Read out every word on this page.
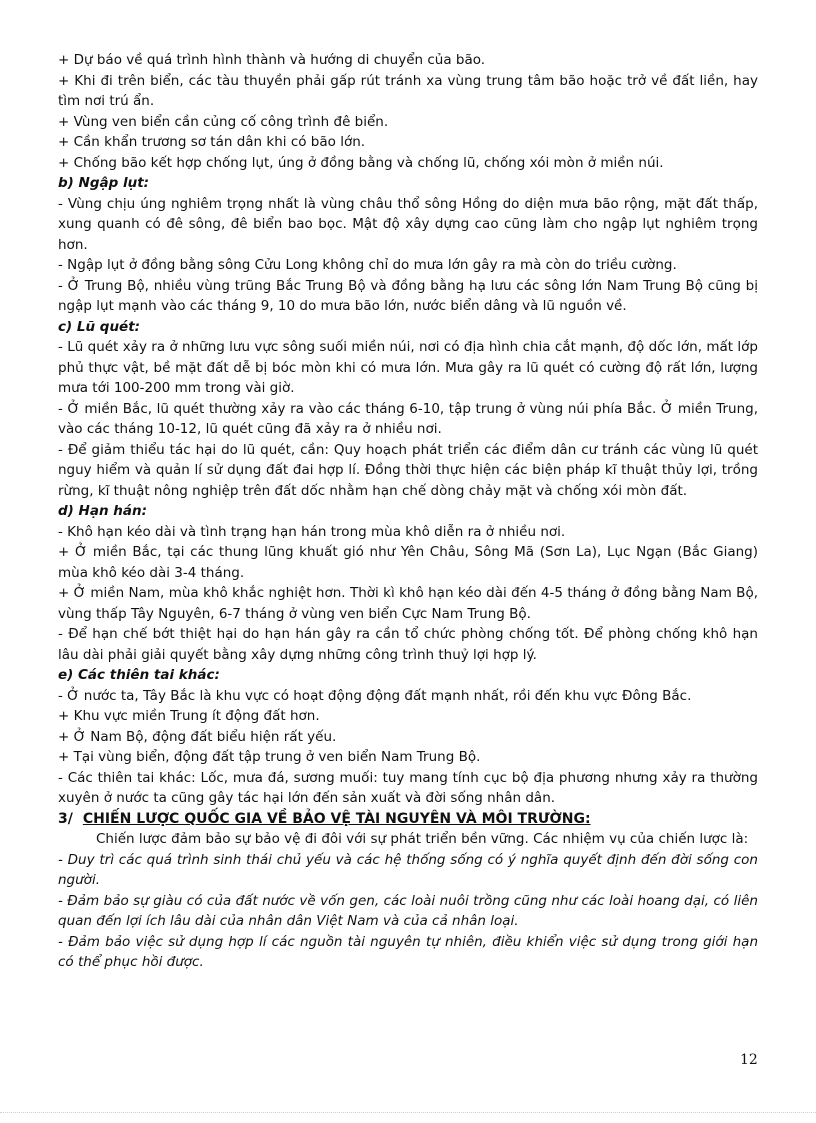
+ Dự báo về quá trình hình thành và hướng di chuyển của bão.

+ Khi đi trên biển, các tàu thuyền phải gấp rút tránh xa vùng trung tâm bão hoặc trở về đất liền, hay tìm nơi trú ẩn.

+ Vùng ven biển cần củng cố công trình đê biển.

+ Cần khẩn trương sơ tán dân khi có bão lớn.

+ Chống bão kết hợp chống lụt, úng ở đồng bằng và chống lũ, chống xói mòn ở miền núi.

b) Ngập lụt:

- Vùng chịu úng nghiêm trọng nhất là vùng châu thổ sông Hồng do diện mưa bão rộng, mặt đất thấp, xung quanh có đê sông, đê biển bao bọc. Mật độ xây dựng cao cũng làm cho ngập lụt nghiêm trọng hơn.

- Ngập lụt ở đồng bằng sông Cửu Long không chỉ do mưa lớn gây ra mà còn do triều cường.

- Ở Trung Bộ, nhiều vùng trũng Bắc Trung Bộ và đồng bằng hạ lưu các sông lớn Nam Trung Bộ cũng bị ngập lụt mạnh vào các tháng 9, 10 do mưa bão lớn, nước biển dâng và lũ nguồn về.

c) Lũ quét:

- Lũ quét xảy ra ở những lưu vực sông suối miền núi, nơi có địa hình chia cắt mạnh, độ dốc lớn, mất lớp phủ thực vật, bề mặt đất dễ bị bóc mòn khi có mưa lớn. Mưa gây ra lũ quét có cường độ rất lớn, lượng mưa tới 100-200 mm trong vài giờ.

- Ở miền Bắc, lũ quét thường xảy ra vào các tháng 6-10, tập trung ở vùng núi phía Bắc. Ở miền Trung, vào các tháng 10-12, lũ quét cũng đã xảy ra ở nhiều nơi.

- Để giảm thiểu tác hại do lũ quét, cần: Quy hoạch phát triển các điểm dân cư tránh các vùng lũ quét nguy hiểm và quản lí sử dụng đất đai hợp lí. Đồng thời thực hiện các biện pháp kĩ thuật thủy lợi, trồng rừng, kĩ thuật nông nghiệp trên đất dốc nhằm hạn chế dòng chảy mặt và chống xói mòn đất.

d) Hạn hán:

- Khô hạn kéo dài và tình trạng hạn hán trong mùa khô diễn ra ở nhiều nơi.

+ Ở miền Bắc, tại các thung lũng khuất gió như Yên Châu, Sông Mã (Sơn La), Lục Ngạn (Bắc Giang) mùa khô kéo dài 3-4 tháng.

+ Ở miền Nam, mùa khô khắc nghiệt hơn. Thời kì khô hạn kéo dài đến 4-5 tháng ở đồng bằng Nam Bộ, vùng thấp Tây Nguyên, 6-7 tháng ở vùng ven biển Cực Nam Trung Bộ.

- Để hạn chế bớt thiệt hại do hạn hán gây ra cần tổ chức phòng chống tốt. Để phòng chống khô hạn lâu dài phải giải quyết bằng xây dựng những công trình thuỷ lợi hợp lý.

e) Các thiên tai khác:

- Ở nước ta, Tây Bắc là khu vực có hoạt động động đất mạnh nhất, rồi đến khu vực Đông Bắc.

+ Khu vực miền Trung ít động đất hơn.

+ Ở Nam Bộ, động đất biểu hiện rất yếu.

+ Tại vùng biển, động đất tập trung ở ven biển Nam Trung Bộ.

- Các thiên tai khác: Lốc, mưa đá, sương muối: tuy mang tính cục bộ địa phương nhưng xảy ra thường xuyên ở nước ta cũng gây tác hại lớn đến sản xuất và đời sống nhân dân.

3/ CHIẾN LƯỢC QUỐC GIA VỀ BẢO VỆ TÀI NGUYÊN VÀ MÔI TRƯỜNG:

Chiến lược đảm bảo sự bảo vệ đi đôi với sự phát triển bền vững. Các nhiệm vụ của chiến lược là:

- Duy trì các quá trình sinh thái chủ yếu và các hệ thống sống có ý nghĩa quyết định đến đời sống con người.

- Đảm bảo sự giàu có của đất nước về vốn gen, các loài nuôi trồng cũng như các loài hoang dại, có liên quan đến lợi ích lâu dài của nhân dân Việt Nam và của cả nhân loại.

- Đảm bảo việc sử dụng hợp lí các nguồn tài nguyên tự nhiên, điều khiển việc sử dụng trong giới hạn có thể phục hồi được.

12
